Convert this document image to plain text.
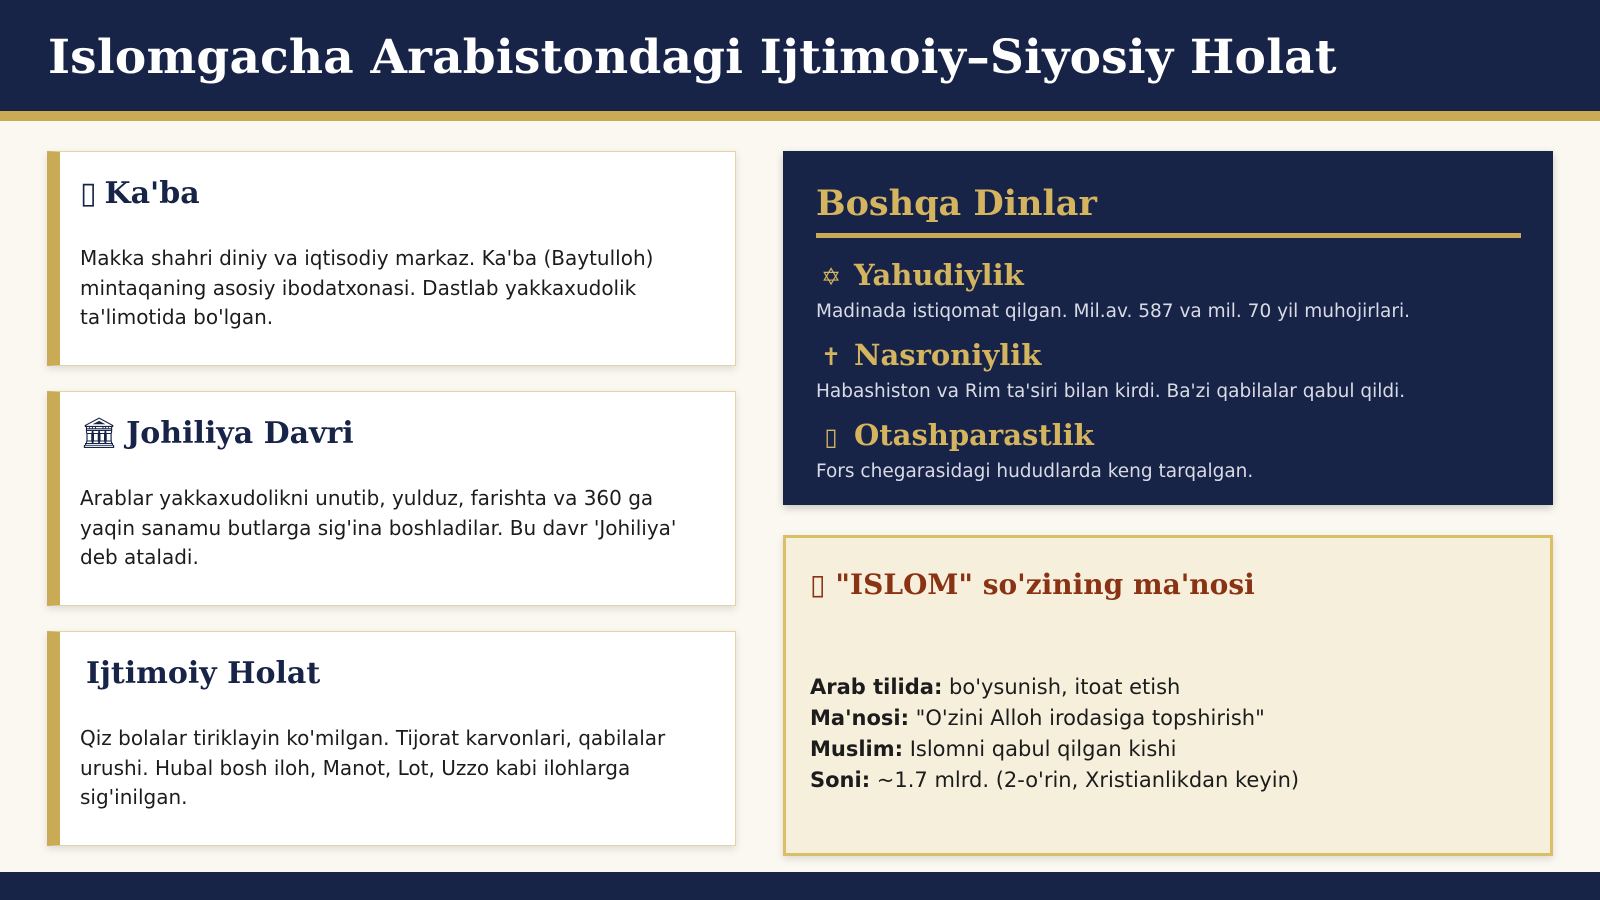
Islomgacha Arabistondagi Ijtimoiy–Siyosiy Holat
▯ Ka'ba

Makka shahri diniy va iqtisodiy markaz. Ka'ba (Baytulloh) mintaqaning asosiy ibodatxonasi. Dastlab yakkaxudolik ta'limotida bo'lgan.

🏛 Johiliya Davri

Arablar yakkaxudolikni unutib, yulduz, farishta va 360 ga yaqin sanamu butlarga sig'ina boshladilar. Bu davr 'Johiliya' deb ataladi.

Ijtimoiy Holat

Qiz bolalar tiriklayin ko'milgan. Tijorat karvonlari, qabilalar urushi. Hubal bosh iloh, Manot, Lot, Uzzo kabi ilohlarga sig'inilgan.

Boshqa Dinlar
✡ Yahudiylik

Madinada istiqomat qilgan. Mil.av. 587 va mil. 70 yil muhojirlari.

✝ Nasroniylik

Habashiston va Rim ta'siri bilan kirdi. Ba'zi qabilalar qabul qildi.

▯ Otashparastlik

Fors chegarasidagi hududlarda keng tarqalgan.

▯ "ISLOM" so'zining ma'nosi
Arab tilida: bo'ysunish, itoat etish
Ma'nosi: "O'zini Alloh irodasiga topshirish"
Muslim: Islomni qabul qilgan kishi
Soni: ~1.7 mlrd. (2-o'rin, Xristianlikdan keyin)
